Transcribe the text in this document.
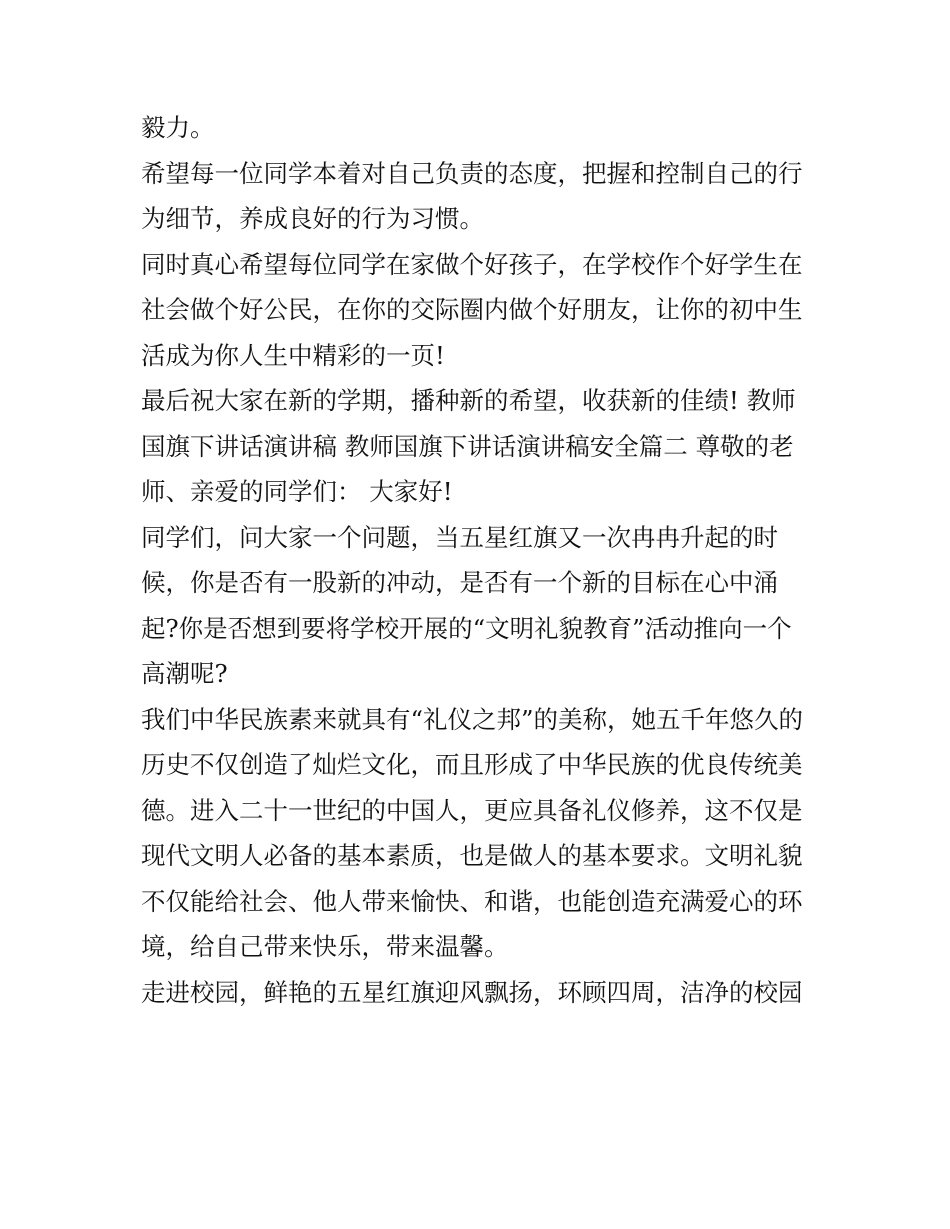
毅力。
希望每一位同学本着对自己负责的态度，把握和控制自己的行
为细节，养成良好的行为习惯。
同时真心希望每位同学在家做个好孩子，在学校作个好学生在
社会做个好公民，在你的交际圈内做个好朋友，让你的初中生
活成为你人生中精彩的一页!
最后祝大家在新的学期，播种新的希望，收获新的佳绩! 教师
国旗下讲话演讲稿 教师国旗下讲话演讲稿安全篇二 尊敬的老
师、亲爱的同学们： 大家好!
同学们，问大家一个问题，当五星红旗又一次冉冉升起的时
候，你是否有一股新的冲动，是否有一个新的目标在心中涌
起?你是否想到要将学校开展的“文明礼貌教育”活动推向一个
高潮呢?
我们中华民族素来就具有“礼仪之邦”的美称，她五千年悠久的
历史不仅创造了灿烂文化，而且形成了中华民族的优良传统美
德。进入二十一世纪的中国人，更应具备礼仪修养，这不仅是
现代文明人必备的基本素质，也是做人的基本要求。文明礼貌
不仅能给社会、他人带来愉快、和谐，也能创造充满爱心的环
境，给自己带来快乐，带来温馨。
走进校园，鲜艳的五星红旗迎风飘扬，环顾四周，洁净的校园
